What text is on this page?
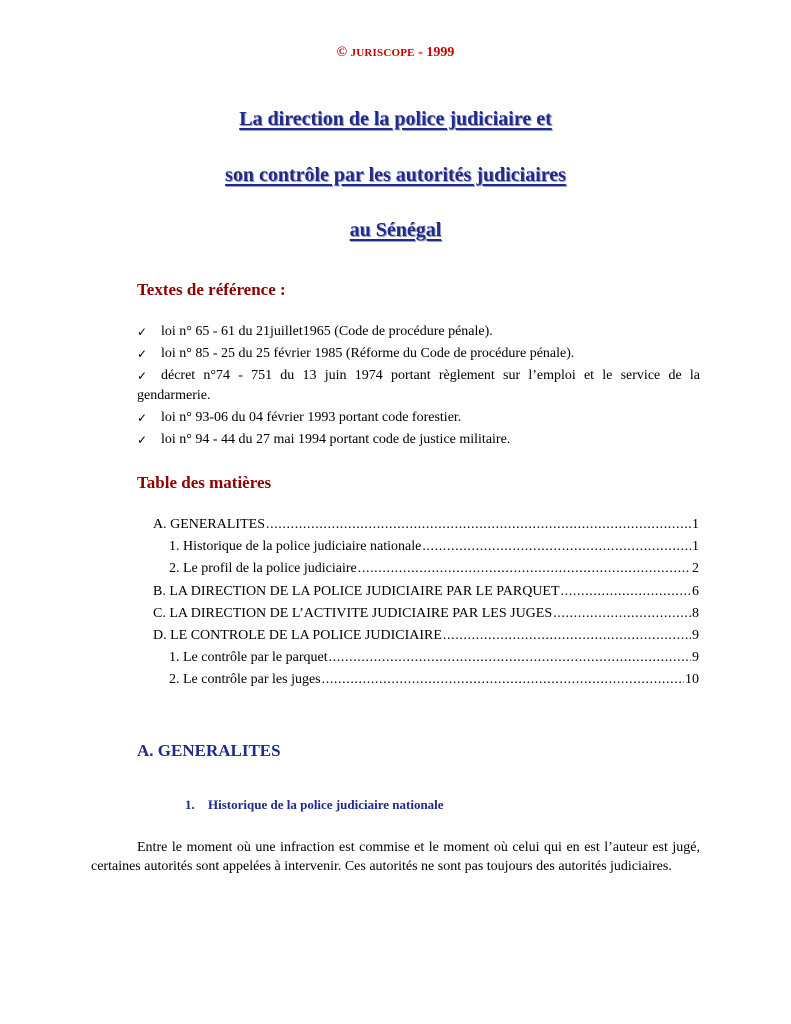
© JURISCOPE - 1999
La direction de la police judiciaire et
son contrôle par les autorités judiciaires
au Sénégal
Textes de référence :
✓ loi n° 65 - 61 du 21juillet1965 (Code de procédure pénale).
✓ loi n° 85 - 25 du 25 février 1985 (Réforme du Code de procédure pénale).
✓ décret n°74 - 751 du 13 juin 1974 portant règlement sur l’emploi et le service de la gendarmerie.
✓ loi n° 93-06 du 04 février 1993 portant code forestier.
✓ loi n° 94 - 44 du 27 mai 1994 portant code de justice militaire.
Table des matières
A. GENERALITES .....	1
1. Historique de la police judiciaire nationale .....	1
2. Le profil de la police judiciaire .....	2
B. LA DIRECTION DE LA POLICE JUDICIAIRE PAR LE PARQUET .....	6
C. LA DIRECTION DE L’ACTIVITE JUDICIAIRE PAR LES JUGES .....	8
D. LE CONTROLE DE LA POLICE JUDICIAIRE .....	9
1. Le contrôle par le parquet .....	9
2. Le contrôle par les juges .....	10
A. GENERALITES
1. Historique de la police judiciaire nationale
Entre le moment où une infraction est commise et le moment où celui qui en est l’auteur est jugé, certaines autorités sont appelées à intervenir. Ces autorités ne sont pas toujours des autorités judiciaires.
